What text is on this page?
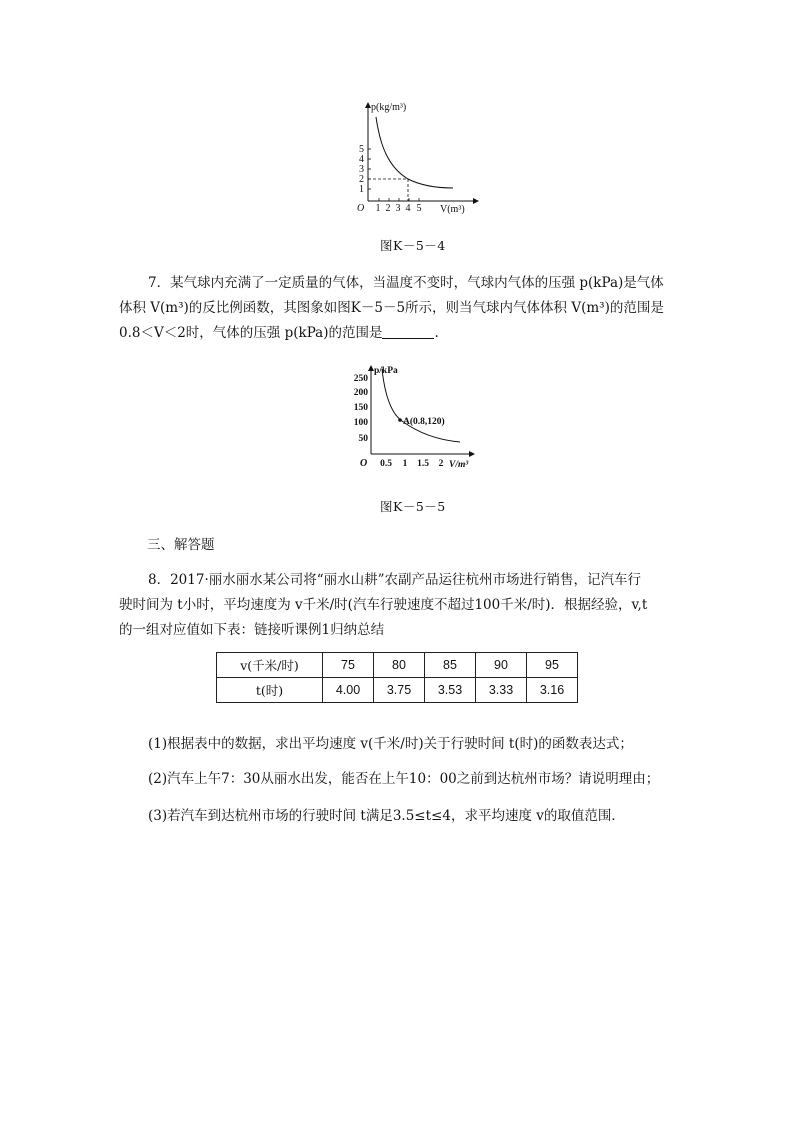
p(kg/m³)
V(m³)
O
1
2
3
4
5
1 2 3 4 5
图K－5－4
7．某气球内充满了一定质量的气体，当温度不变时，气球内气体的压强 p(kPa)是气体
体积 V(m³)的反比例函数，其图象如图K－5－5所示，则当气球内气体体积 V(m³)的范围是
0.8＜V＜2时，气体的压强 p(kPa)的范围是	.
p/kPa
V/m³
O
50
100
150
200
250
0.5 1 1.5 2
A(0.8,120)
图K－5－5
三、解答题
8．2017·丽水丽水某公司将“丽水山耕”农副产品运往杭州市场进行销售，记汽车行
驶时间为 t小时，平均速度为 v千米/时(汽车行驶速度不超过100千米/时)．根据经验，v,t
的一组对应值如下表：链接听课例1归纳总结
v(千米/时)	75	80	85	90	95
t(时)	4.00	3.75	3.53	3.33	3.16
(1)根据表中的数据，求出平均速度 v(千米/时)关于行驶时间 t(时)的函数表达式；
(2)汽车上午7：30从丽水出发，能否在上午10：00之前到达杭州市场？请说明理由；
(3)若汽车到达杭州市场的行驶时间 t满足3.5≤t≤4，求平均速度 v的取值范围．
